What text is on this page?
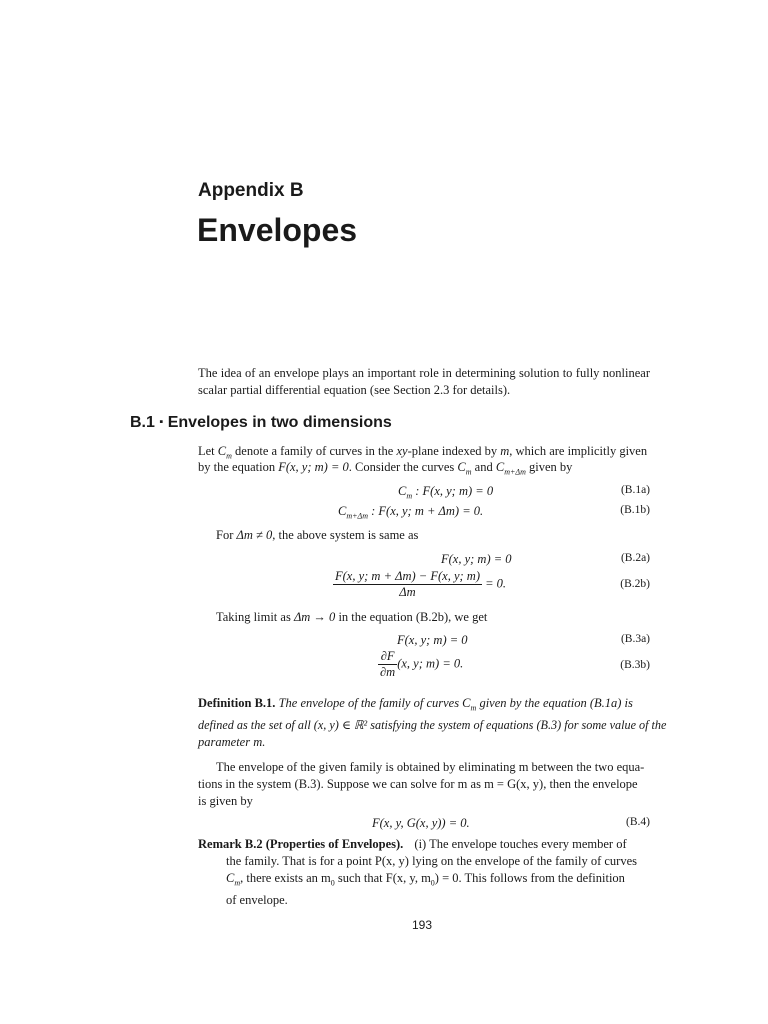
Appendix B
Envelopes
The idea of an envelope plays an important role in determining solution to fully nonlinear scalar partial differential equation (see Section 2.3 for details).
B.1 ▪ Envelopes in two dimensions
Let $C_m$ denote a family of curves in the xy-plane indexed by m, which are implicitly given
by the equation F(x, y; m) = 0. Consider the curves $C_m$ and $C_{m+\Delta m}$ given by
$C_m$ : F(x, y; m) = 0	(B.1a)
$C_{m+\Delta m}$ : F(x, y; m + Δm) = 0.	(B.1b)
For Δm ≠ 0, the above system is same as
F(x, y; m) = 0	(B.2a)
$\frac{F(x, y; m + \Delta m) - F(x, y; m)}{\Delta m} = 0$.	(B.2b)
Taking limit as Δm → 0 in the equation (B.2b), we get
F(x, y; m) = 0	(B.3a)
$\frac{\partial F}{\partial m} (x$, y; m) = 0.	(B.3b)
Definition B.1. The envelope of the family of curves $C_m$ given by the equation (B.1a) is
defined as the set of all (x, y) ∈ ℝ² satisfying the system of equations (B.3) for some value of the
parameter m.
The envelope of the given family is obtained by eliminating m between the two equa-
tions in the system (B.3). Suppose we can solve for m as m = G(x, y), then the envelope
is given by
F(x, y, G(x, y)) = 0.	(B.4)
Remark B.2 (Properties of Envelopes). (i) The envelope touches every member of
the family. That is for a point P(x, y) lying on the envelope of the family of curves
$C_m$, there exists an $m_0$ such that F(x, y, $m_0) = 0$. This follows from the definition
of envelope.
193
